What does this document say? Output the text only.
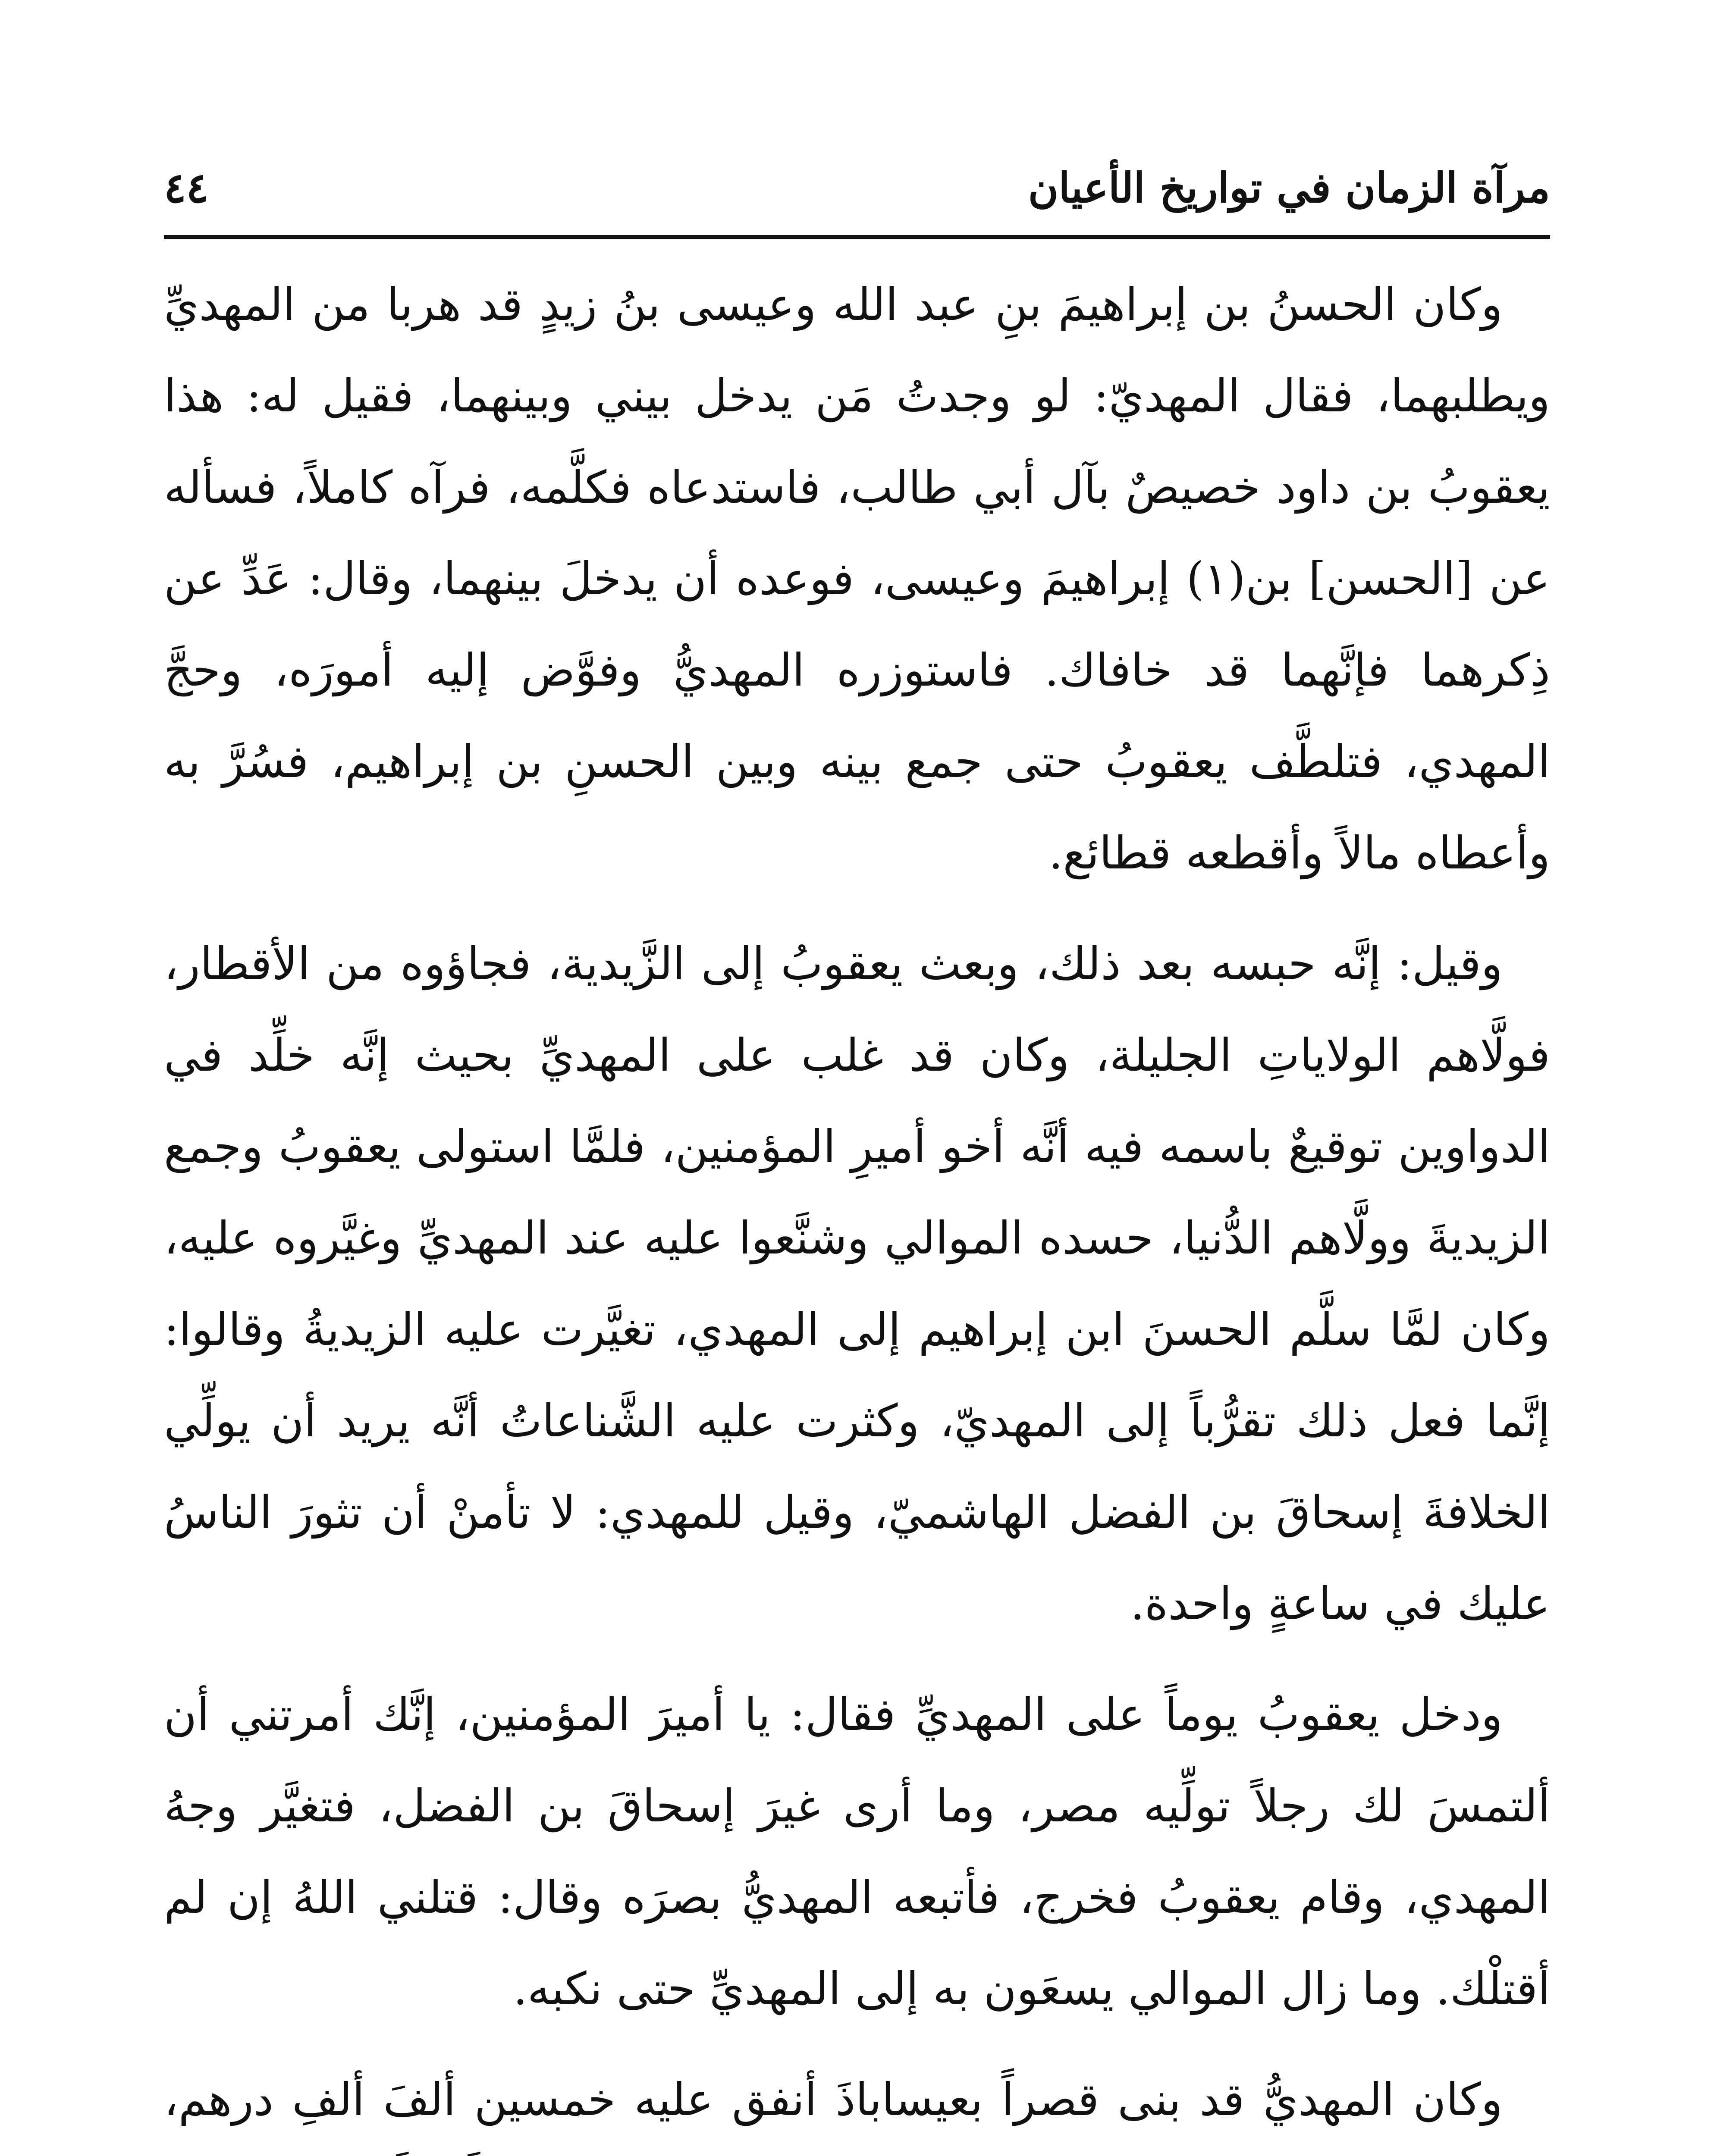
مرآة الزمان في تواريخ الأعيان
٤٤

وكان الحسنُ بن إبراهيمَ بنِ عبد الله وعيسى بنُ زيدٍ قد هربا من المهديِّ ويطلبهما، فقال المهديّ: لو وجدتُ مَن يدخل بيني وبينهما، فقيل له: هذا يعقوبُ بن داود خصيصٌ بآل أبي طالب، فاستدعاه فكلَّمه، فرآه كاملاً، فسأله عن [الحسن] بن(١) إبراهيمَ وعيسى، فوعده أن يدخلَ بينهما، وقال: عَدِّ عن ذِكرهما فإنَّهما قد خافاك. فاستوزره المهديُّ وفوَّض إليه أمورَه، وحجَّ المهدي، فتلطَّف يعقوبُ حتى جمع بينه وبين الحسنِ بن إبراهيم، فسُرَّ به وأعطاه مالاً وأقطعه قطائع.

وقيل: إنَّه حبسه بعد ذلك، وبعث يعقوبُ إلى الزَّيدية، فجاؤوه من الأقطار، فولَّاهم الولاياتِ الجليلة، وكان قد غلب على المهديِّ بحيث إنَّه خلِّد في الدواوين توقيعٌ باسمه فيه أنَّه أخو أميرِ المؤمنين، فلمَّا استولى يعقوبُ وجمع الزيديةَ وولَّاهم الدُّنيا، حسده الموالي وشنَّعوا عليه عند المهديِّ وغيَّروه عليه، وكان لمَّا سلَّم الحسنَ ابن إبراهيم إلى المهدي، تغيَّرت عليه الزيديةُ وقالوا: إنَّما فعل ذلك تقرُّباً إلى المهديّ، وكثرت عليه الشَّناعاتُ أنَّه يريد أن يولِّي الخلافةَ إسحاقَ بن الفضل الهاشميّ، وقيل للمهدي: لا تأمنْ أن تثورَ الناسُ عليك في ساعةٍ واحدة.

ودخل يعقوبُ يوماً على المهديِّ فقال: يا أميرَ المؤمنين، إنَّك أمرتني أن ألتمسَ لك رجلاً تولِّيه مصر، وما أرى غيرَ إسحاقَ بن الفضل، فتغيَّر وجهُ المهدي، وقام يعقوبُ فخرج، فأتبعه المهديُّ بصرَه وقال: قتلني اللهُ إن لم أقتلْك. وما زال الموالي يسعَون به إلى المهديِّ حتى نكبه.

وكان المهديُّ قد بنى قصراً بعيساباذَ أنفق عليه خمسين ألفَ ألفِ درهم،
